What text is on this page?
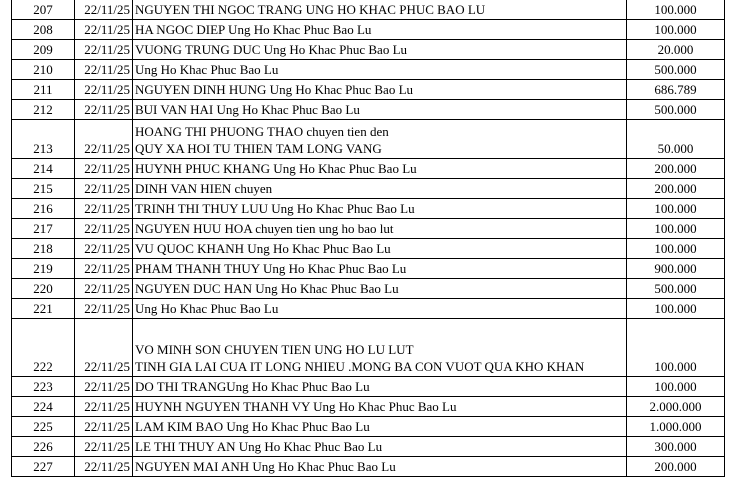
207	22/11/25 NGUYEN THI NGOC TRANG UNG HO KHAC PHUC BAO LU	100.000
208	22/11/25 HA NGOC DIEP Ung Ho Khac Phuc Bao Lu	100.000
209	22/11/25 VUONG TRUNG DUC Ung Ho Khac Phuc Bao Lu	20.000
210	22/11/25 Ung Ho Khac Phuc Bao Lu	500.000
211	22/11/25 NGUYEN DINH HUNG Ung Ho Khac Phuc Bao Lu	686.789
212	22/11/25 BUI VAN HAI Ung Ho Khac Phuc Bao Lu	500.000
213	22/11/25
HOANG THI PHUONG THAO chuyen tien den
QUY XA HOI TU THIEN TAM LONG VANG	50.000
214	22/11/25 HUYNH PHUC KHANG Ung Ho Khac Phuc Bao Lu	200.000
215	22/11/25 DINH VAN HIEN chuyen	200.000
216	22/11/25 TRINH THI THUY LUU Ung Ho Khac Phuc Bao Lu	100.000
217	22/11/25 NGUYEN HUU HOA chuyen tien ung ho bao lut	100.000
218	22/11/25 VU QUOC KHANH Ung Ho Khac Phuc Bao Lu	100.000
219	22/11/25 PHAM THANH THUY Ung Ho Khac Phuc Bao Lu	900.000
220	22/11/25 NGUYEN DUC HAN Ung Ho Khac Phuc Bao Lu	500.000
221	22/11/25 Ung Ho Khac Phuc Bao Lu	100.000
222	22/11/25
VO MINH SON CHUYEN TIEN UNG HO LU LUT
TINH GIA LAI CUA IT LONG NHIEU .MONG BA CON VUOT QUA KHO KHAN	100.000
223	22/11/25 DO THI TRANGUng Ho Khac Phuc Bao Lu	100.000
224	22/11/25 HUYNH NGUYEN THANH VY Ung Ho Khac Phuc Bao Lu	2.000.000
225	22/11/25 LAM KIM BAO Ung Ho Khac Phuc Bao Lu	1.000.000
226	22/11/25 LE THI THUY AN Ung Ho Khac Phuc Bao Lu	300.000
227	22/11/25 NGUYEN MAI ANH Ung Ho Khac Phuc Bao Lu	200.000
